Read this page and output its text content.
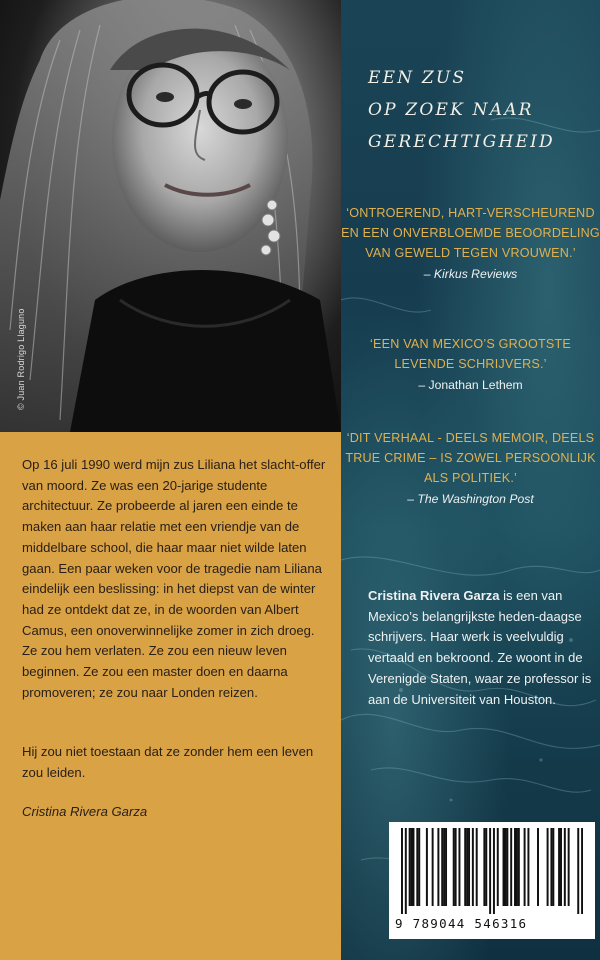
© Juan Rodrigo Llaguno

Op 16 juli 1990 werd mijn zus Liliana het slacht-offer van moord. Ze was een 20-jarige studente architectuur. Ze probeerde al jaren een einde te maken aan haar relatie met een vriendje van de middelbare school, die haar maar niet wilde laten gaan. Een paar weken voor de tragedie nam Liliana eindelijk een beslissing: in het diepst van de winter had ze ontdekt dat ze, in de woorden van Albert Camus, een onoverwinnelijke zomer in zich droeg. Ze zou hem verlaten. Ze zou een nieuw leven beginnen. Ze zou een master doen en daarna promoveren; ze zou naar Londen reizen.

Hij zou niet toestaan dat ze zonder hem een leven zou leiden.

Cristina Rivera Garza

EEN ZUS
OP ZOEK NAAR
GERECHTIGHEID
‘ONTROEREND, HART-VERSCHEUREND EN EEN ONVERBLOEMDE BEOORDELING VAN GEWELD TEGEN VROUWEN.’
– Kirkus Reviews
‘EEN VAN MEXICO’S GROOTSTE LEVENDE SCHRIJVERS.’
– Jonathan Lethem
‘DIT VERHAAL - DEELS MEMOIR, DEELS TRUE CRIME – IS ZOWEL PERSOONLIJK ALS POLITIEK.’
– The Washington Post
Cristina Rivera Garza is een van Mexico’s belangrijkste heden-daagse schrijvers. Haar werk is veelvuldig vertaald en bekroond. Ze woont in de Verenigde Staten, waar ze professor is aan de Universiteit van Houston.
9 789044 546316
